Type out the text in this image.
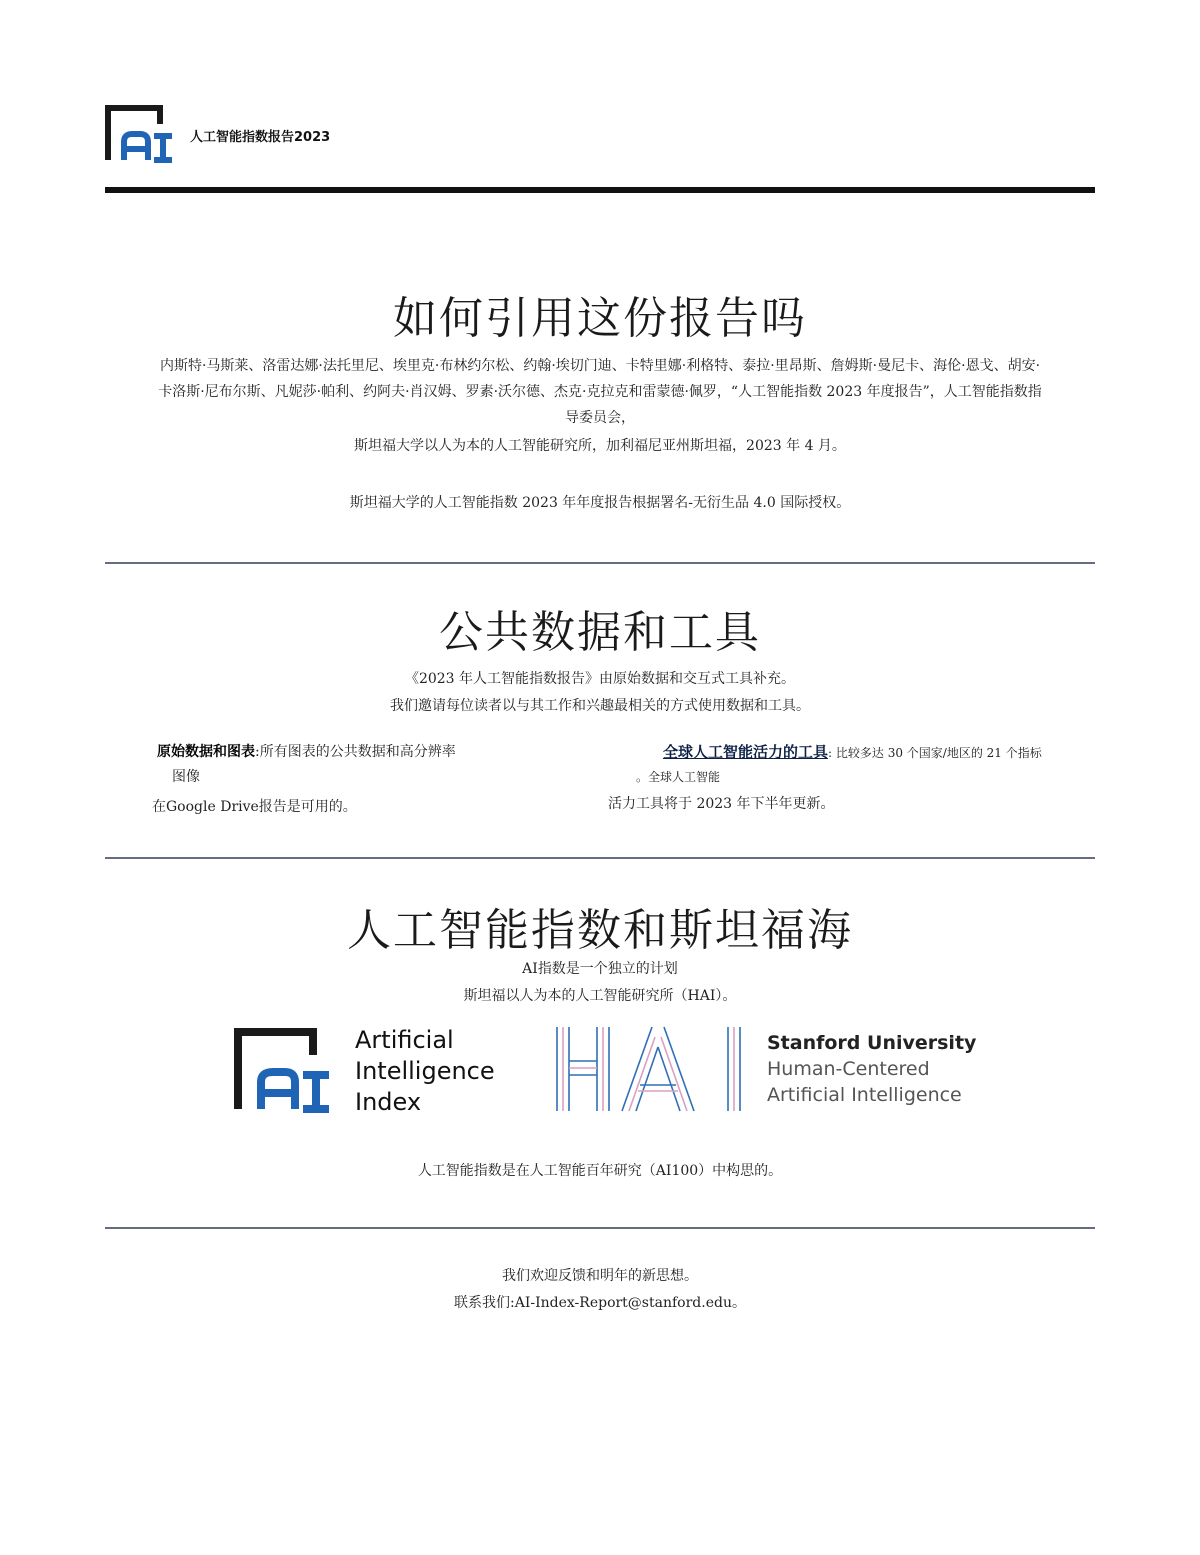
人工智能指数报告2023
如何引用这份报告吗
内斯特·马斯莱、洛雷达娜·法托里尼、埃里克·布林约尔松、约翰·埃切门迪、卡特里娜·利格特、泰拉·里昂斯、詹姆斯·曼尼卡、海伦·恩戈、胡安·
卡洛斯·尼布尔斯、凡妮莎·帕利、约阿夫·肖汉姆、罗素·沃尔德、杰克·克拉克和雷蒙德·佩罗，“人工智能指数 2023 年度报告”，人工智能指数指
导委员会，
斯坦福大学以人为本的人工智能研究所，加利福尼亚州斯坦福，2023 年 4 月。
斯坦福大学的人工智能指数 2023 年年度报告根据署名-无衍生品 4.0 国际授权。
公共数据和工具
《2023 年人工智能指数报告》由原始数据和交互式工具补充。
我们邀请每位读者以与其工作和兴趣最相关的方式使用数据和工具。
原始数据和图表:所有图表的公共数据和高分辨率
图像
在Google Drive报告是可用的。
全球人工智能活力的工具: 比较多达 30 个国家/地区的 21 个指标
。全球人工智能
活力工具将于 2023 年下半年更新。
人工智能指数和斯坦福海
AI指数是一个独立的计划
斯坦福以人为本的人工智能研究所（HAI）。
Artificial
Intelligence
Index
Stanford University
Human-Centered
Artificial Intelligence
人工智能指数是在人工智能百年研究（AI100）中构思的。
我们欢迎反馈和明年的新思想。
联系我们:AI-Index-Report@stanford.edu。
